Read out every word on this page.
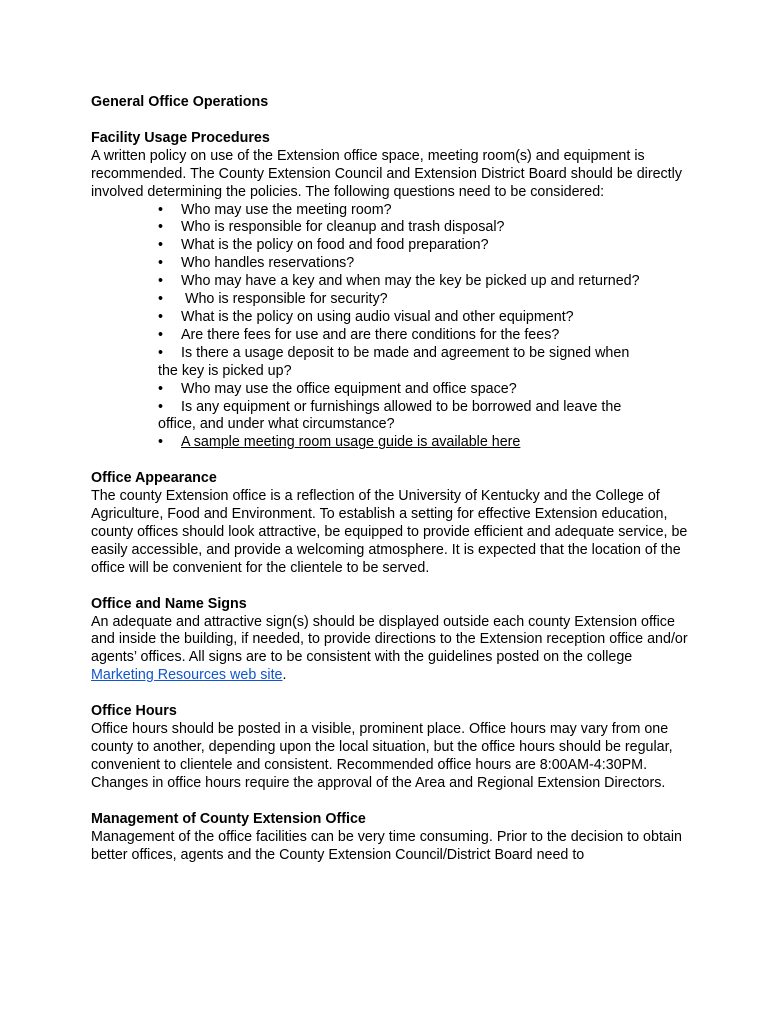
General Office Operations
Facility Usage Procedures

A written policy on use of the Extension office space, meeting room(s) and equipment is recommended. The County Extension Council and Extension District Board should be directly involved determining the policies. The following questions need to be considered:

•	Who may use the meeting room?
•	Who is responsible for cleanup and trash disposal?
•	What is the policy on food and food preparation?
•	Who handles reservations?
•	Who may have a key and when may the key be picked up and returned?
•	Who is responsible for security?
•	What is the policy on using audio visual and other equipment?
•	Are there fees for use and are there conditions for the fees?
•	Is there a usage deposit to be made and agreement to be signed when
the key is picked up?
•	Who may use the office equipment and office space?
•	Is any equipment or furnishings allowed to be borrowed and leave the
office, and under what circumstance?
•	A sample meeting room usage guide is available here
Office Appearance

The county Extension office is a reflection of the University of Kentucky and the College of Agriculture, Food and Environment. To establish a setting for effective Extension education, county offices should look attractive, be equipped to provide efficient and adequate service, be easily accessible, and provide a welcoming atmosphere. It is expected that the location of the office will be convenient for the clientele to be served.

Office and Name Signs

An adequate and attractive sign(s) should be displayed outside each county Extension office and inside the building, if needed, to provide directions to the Extension reception office and/or agents’ offices. All signs are to be consistent with the guidelines posted on the college Marketing Resources web site.

Office Hours

Office hours should be posted in a visible, prominent place. Office hours may vary from one county to another, depending upon the local situation, but the office hours should be regular, convenient to clientele and consistent. Recommended office hours are 8:00AM-4:30PM. Changes in office hours require the approval of the Area and Regional Extension Directors.

Management of County Extension Office

Management of the office facilities can be very time consuming. Prior to the decision to obtain better offices, agents and the County Extension Council/District Board need to
